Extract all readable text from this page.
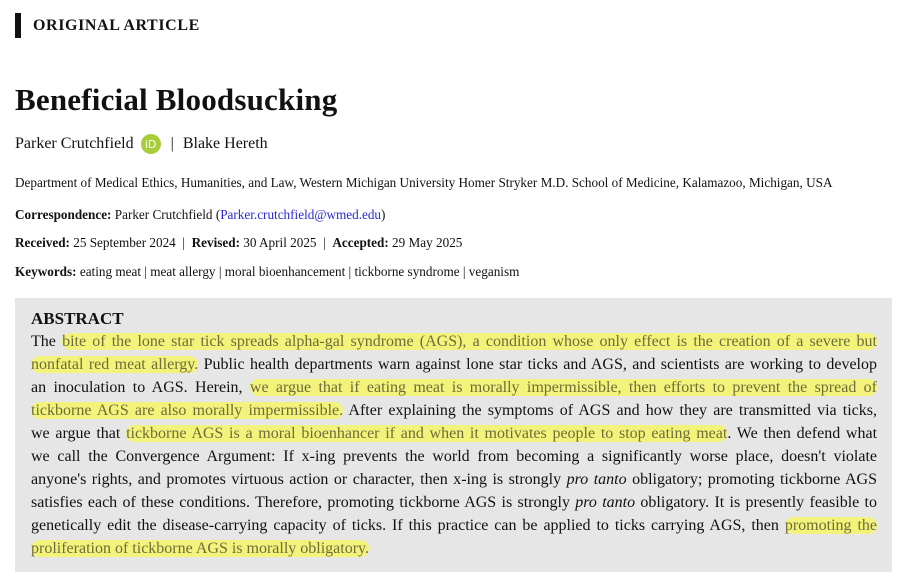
ORIGINAL ARTICLE
Beneficial Bloodsucking
Parker Crutchfield	iD | Blake Hereth
Department of Medical Ethics, Humanities, and Law, Western Michigan University Homer Stryker M.D. School of Medicine, Kalamazoo, Michigan, USA
Correspondence: Parker Crutchfield (Parker.crutchfield@wmed.edu)
Received: 25 September 2024 | Revised: 30 April 2025 | Accepted: 29 May 2025
Keywords: eating meat | meat allergy | moral bioenhancement | tickborne syndrome | veganism
ABSTRACT
The bite of the lone star tick spreads alpha-gal syndrome (AGS), a condition whose only effect is the creation of a severe but
nonfatal red meat allergy. Public health departments warn against lone star ticks and AGS, and scientists are working to develop
an inoculation to AGS. Herein, we argue that if eating meat is morally impermissible, then efforts to prevent the spread of
tickborne AGS are also morally impermissible. After explaining the symptoms of AGS and how they are transmitted via ticks,
we argue that tickborne AGS is a moral bioenhancer if and when it motivates people to stop eating meat. We then defend what
we call the Convergence Argument: If x-ing prevents the world from becoming a significantly worse place, doesn't violate
anyone's rights, and promotes virtuous action or character, then x-ing is strongly pro tanto obligatory; promoting tickborne AGS
satisfies each of these conditions. Therefore, promoting tickborne AGS is strongly pro tanto obligatory. It is presently feasible to
genetically edit the disease-carrying capacity of ticks. If this practice can be applied to ticks carrying AGS, then promoting the
proliferation of tickborne AGS is morally obligatory.
